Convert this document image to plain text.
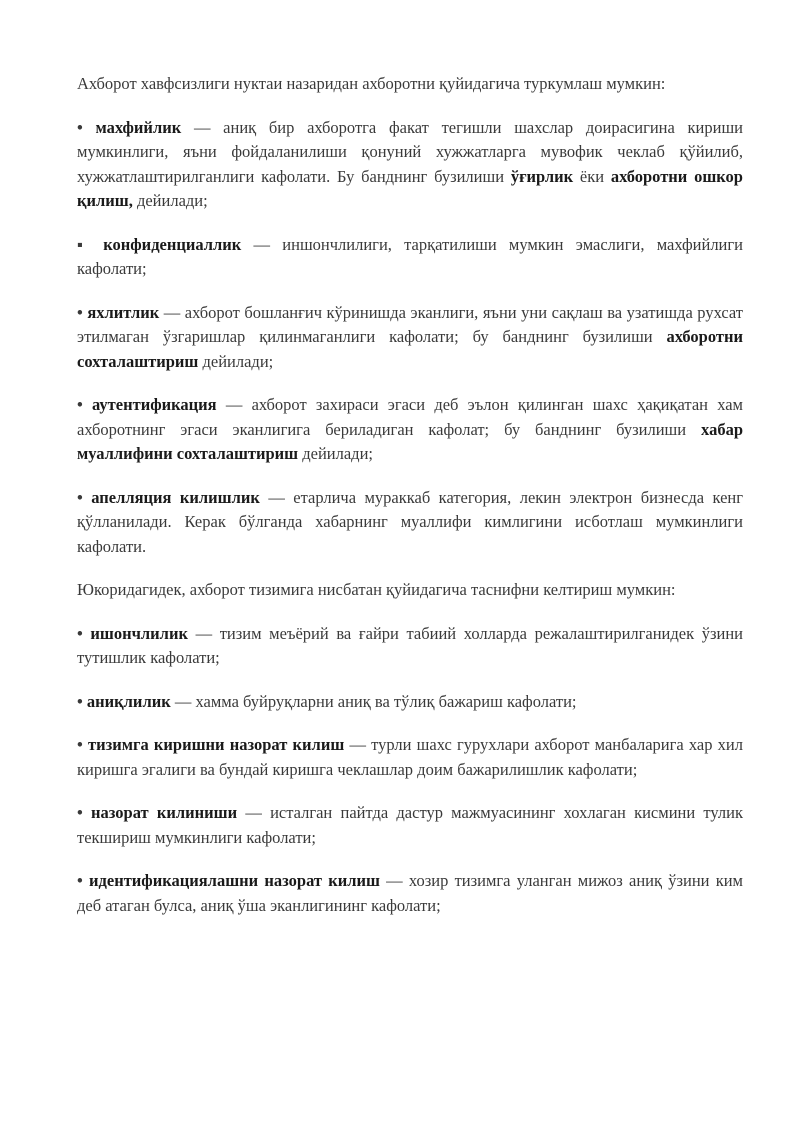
Ахборот хавфсизлиги нуктаи назаридан ахборотни қуйидагича туркумлаш мумкин:

• махфийлик — аниқ бир ахборотга факат тегишли шахслар доирасигина кириши мумкинлиги, яъни фойдаланилиши қонуний хужжатларга мувофик чеклаб қўйилиб, хужжатлаштирилганлиги кафолати. Бу банднинг бузилиши ўғирлик ёки ахборотни ошкор қилиш, дейилади;

▪ конфиденциаллик — иншончлилиги, тарқатилиши мумкин эмаслиги, махфийлиги кафолати;

• яхлитлик — ахборот бошланғич кўринишда эканлиги, яъни уни сақлаш ва узатишда рухсат этилмаган ўзгаришлар қилинмаганлиги кафолати; бу банднинг бузилиши ахборотни сохталаштириш дейилади;

• аутентификация — ахборот захираси эгаси деб эълон қилинган шахс ҳақиқатан хам ахборотнинг эгаси эканлигига бериладиган кафолат; бу банднинг бузилиши хабар муаллифини сохталаштириш дейилади;

• апелляция килишлик — етарлича мураккаб категория, лекин электрон бизнесда кенг қўлланилади. Керак бўлганда хабарнинг муаллифи кимлигини исботлаш мумкинлиги кафолати.

Юкоридагидек, ахборот тизимига нисбатан қуйидагича таснифни келтириш мумкин:

• ишончлилик — тизим меъёрий ва ғайри табиий холларда режалаштирилганидек ўзини тутишлик кафолати;

• аниқлилик — хамма буйруқларни аниқ ва тўлиқ бажариш кафолати;

• тизимга киришни назорат килиш — турли шахс гурухлари ахборот манбаларига хар хил киришга эгалиги ва бундай киришга чеклашлар доим бажарилишлик кафолати;

• назорат килиниши — исталган пайтда дастур мажмуасининг хохлаган кисмини тулик текшириш мумкинлиги кафолати;

• идентификациялашни назорат килиш — хозир тизимга уланган мижоз аниқ ўзини ким деб атаган булса, аниқ ўша эканлигининг кафолати;
